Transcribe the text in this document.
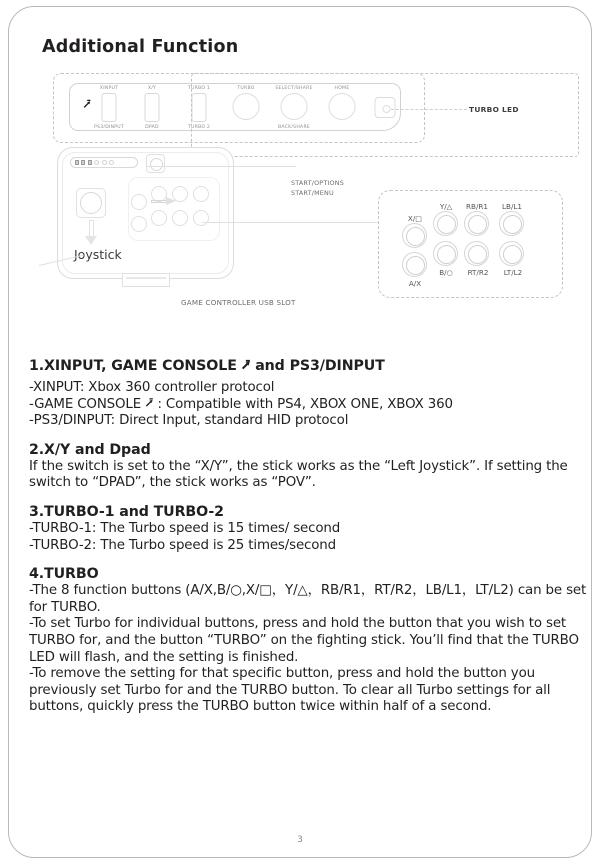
Additional Function
⭷
XINPUT
PS3/DINPUT
X/Y
DPAD
TURBO 1
TURBO 2
TURBO	SELECT/SHARE
BACK/SHARE
HOME
TURBO LED
Joystick
GAME CONTROLLER USB SLOT
START/OPTIONS
START/MENU
X/□
Y/△ RB/R1 LB/L1
A/X
B/○ RT/R2 LT/L2
1.XINPUT, GAME CONSOLE ⭷ and PS3/DINPUT

-XINPUT: Xbox 360 controller protocol

-GAME CONSOLE ⭷ : Compatible with PS4, XBOX ONE, XBOX 360

-PS3/DINPUT: Direct Input, standard HID protocol

2.X/Y and Dpad

If the switch is set to the “X/Y”, the stick works as the “Left Joystick”. If setting the switch to “DPAD”, the stick works as “POV”.

3.TURBO-1 and TURBO-2

-TURBO-1: The Turbo speed is 15 times/ second

-TURBO-2: The Turbo speed is 25 times/second

4.TURBO

-The 8 function buttons (A/X,B/○,X/□，Y/△，RB/R1，RT/R2，LB/L1，LT/L2) can be set for TURBO.

-To set Turbo for individual buttons, press and hold the button that you wish to set TURBO for, and the button “TURBO” on the fighting stick. You’ll find that the TURBO LED will flash, and the setting is finished.

-To remove the setting for that specific button, press and hold the button you previously set Turbo for and the TURBO button. To clear all Turbo settings for all buttons, quickly press the TURBO button twice within half of a second.

3
